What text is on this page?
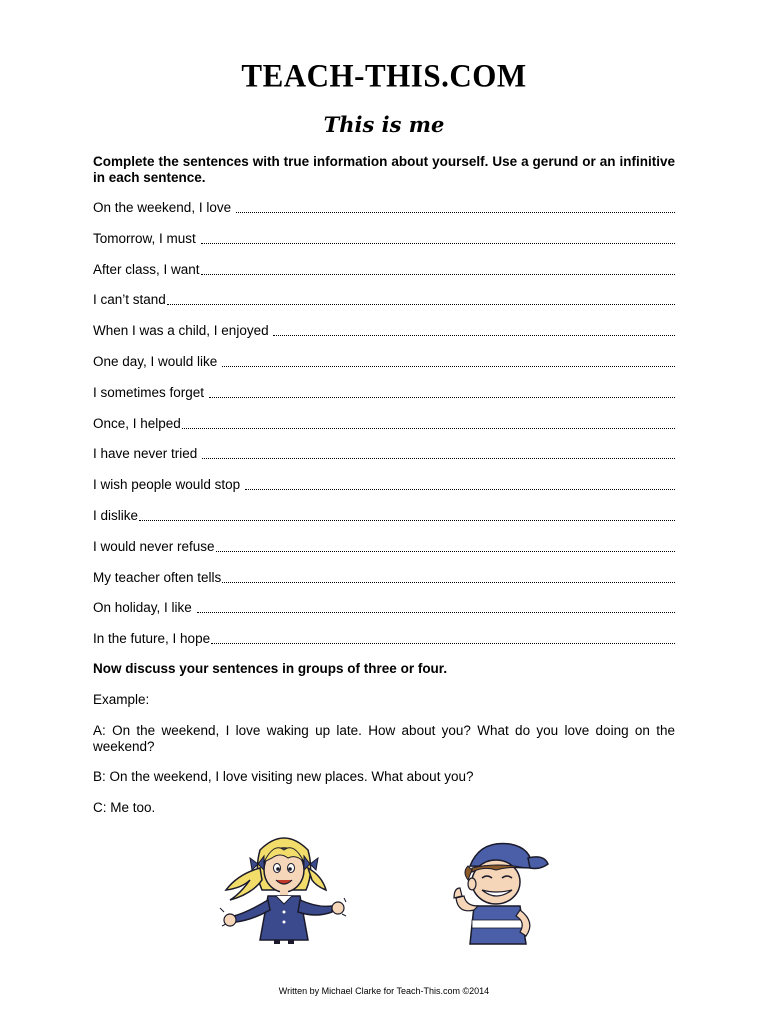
TEACH-THIS.COM
This is me
Complete the sentences with true information about yourself. Use a gerund or an infinitive in each sentence.
On the weekend, I love
Tomorrow, I must
After class, I want
I can’t stand
When I was a child, I enjoyed
One day, I would like
I sometimes forget
Once, I helped
I have never tried
I wish people would stop
I dislike
I would never refuse
My teacher often tells
On holiday, I like
In the future, I hope
Now discuss your sentences in groups of three or four.
Example:
A: On the weekend, I love waking up late. How about you? What do you love doing on the weekend?
B: On the weekend, I love visiting new places. What about you?
C: Me too.
Written by Michael Clarke for Teach-This.com ©2014
